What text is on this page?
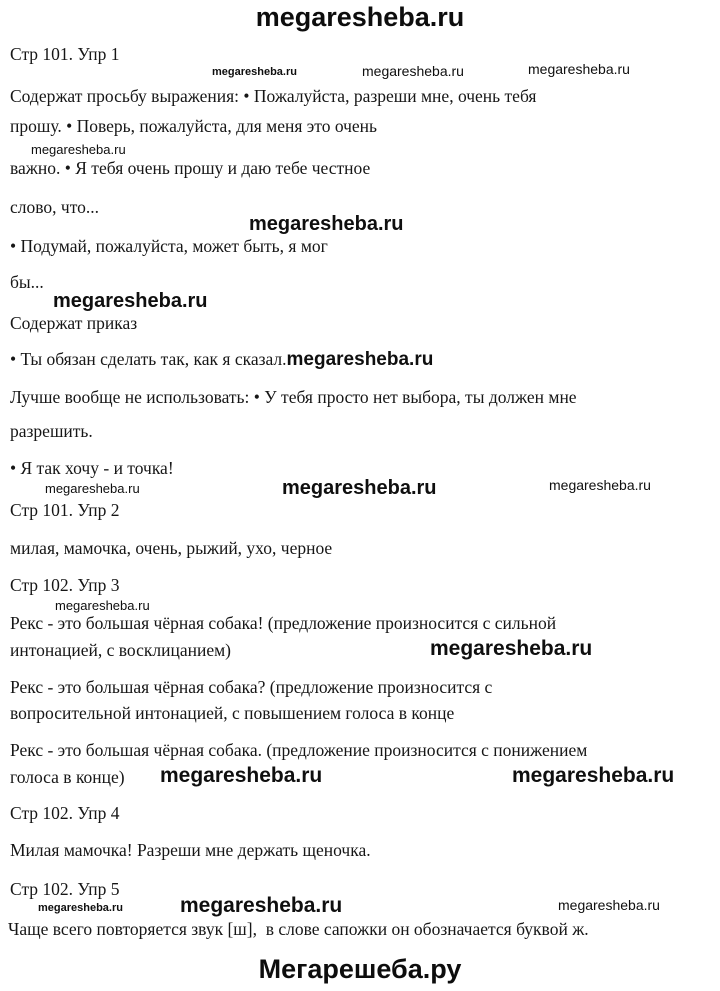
megaresheba.ru
Стр 101. Упр 1
megaresheba.ru	megaresheba.ru	megaresheba.ru
Содержат просьбу выражения: • Пожалуйста, разреши мне, очень тебя
прошу. • Поверь, пожалуйста, для меня это очень
megaresheba.ru
важно. • Я тебя очень прошу и даю тебе честное
слово, что...
megaresheba.ru
• Подумай, пожалуйста, может быть, я мог
бы...
megaresheba.ru
Содержат приказ
• Ты обязан сделать так, как я сказал.megaresheba.ru
Лучше вообще не использовать: • У тебя просто нет выбора, ты должен мне
разрешить.
• Я так хочу - и точка!
megaresheba.ru	megaresheba.ru	megaresheba.ru
Стр 101. Упр 2
милая, мамочка, очень, рыжий, ухо, черное
Стр 102. Упр 3
megaresheba.ru
Рекс - это большая чёрная собака! (предложение произносится с сильной
интонацией, с восклицанием)	megaresheba.ru
Рекс - это большая чёрная собака? (предложение произносится с
вопросительной интонацией, с повышением голоса в конце
Рекс - это большая чёрная собака. (предложение произносится с понижением
голоса в конце) megaresheba.ru	megaresheba.ru
Стр 102. Упр 4
Милая мамочка! Разреши мне держать щеночка.
Стр 102. Упр 5
megaresheba.ru	megaresheba.ru	megaresheba.ru
Чаще всего повторяется звук [ш],  в слове сапожки он обозначается буквой ж.
Мегарешеба.ру
